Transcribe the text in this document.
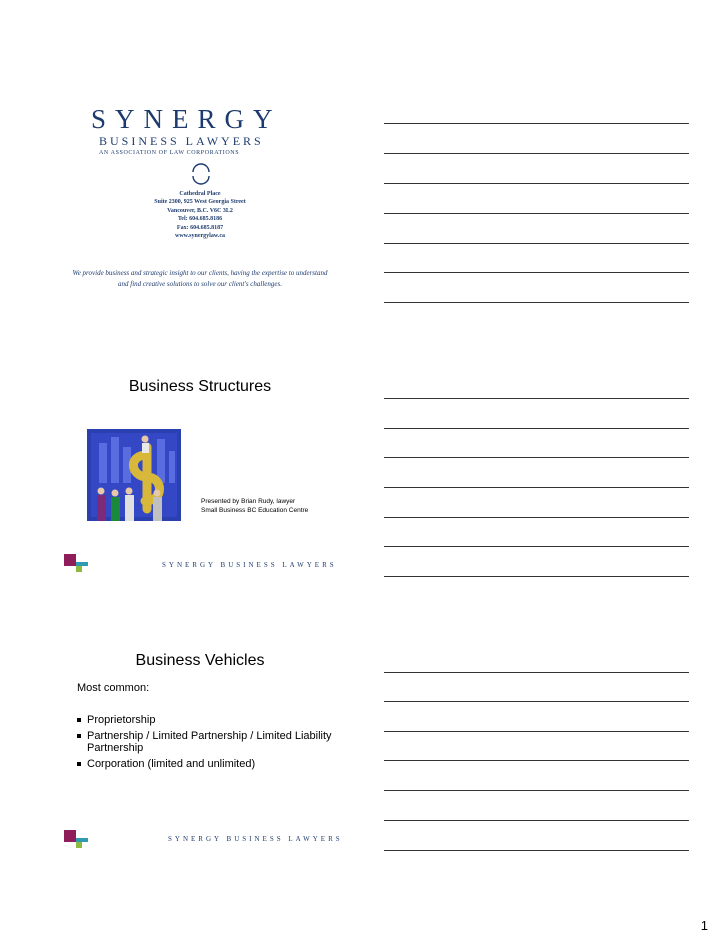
SYNERGY
BUSINESS LAWYERS
AN ASSOCIATION OF LAW CORPORATIONS
Cathedral Place
Suite 2300, 925 West Georgia Street
Vancouver, B.C. V6C 3L2
Tel: 604.685.8186
Fax: 604.685.8187
www.synergylaw.ca
We provide business and strategic insight to our clients, having the expertise to understand and find creative solutions to solve our client's challenges.
Business Structures
Presented by Brian Rudy, lawyer
Small Business BC Education Centre
SYNERGY BUSINESS LAWYERS
Business Vehicles
Most common:
Proprietorship
Partnership / Limited Partnership / Limited Liability Partnership
Corporation (limited and unlimited)
SYNERGY BUSINESS LAWYERS
1
